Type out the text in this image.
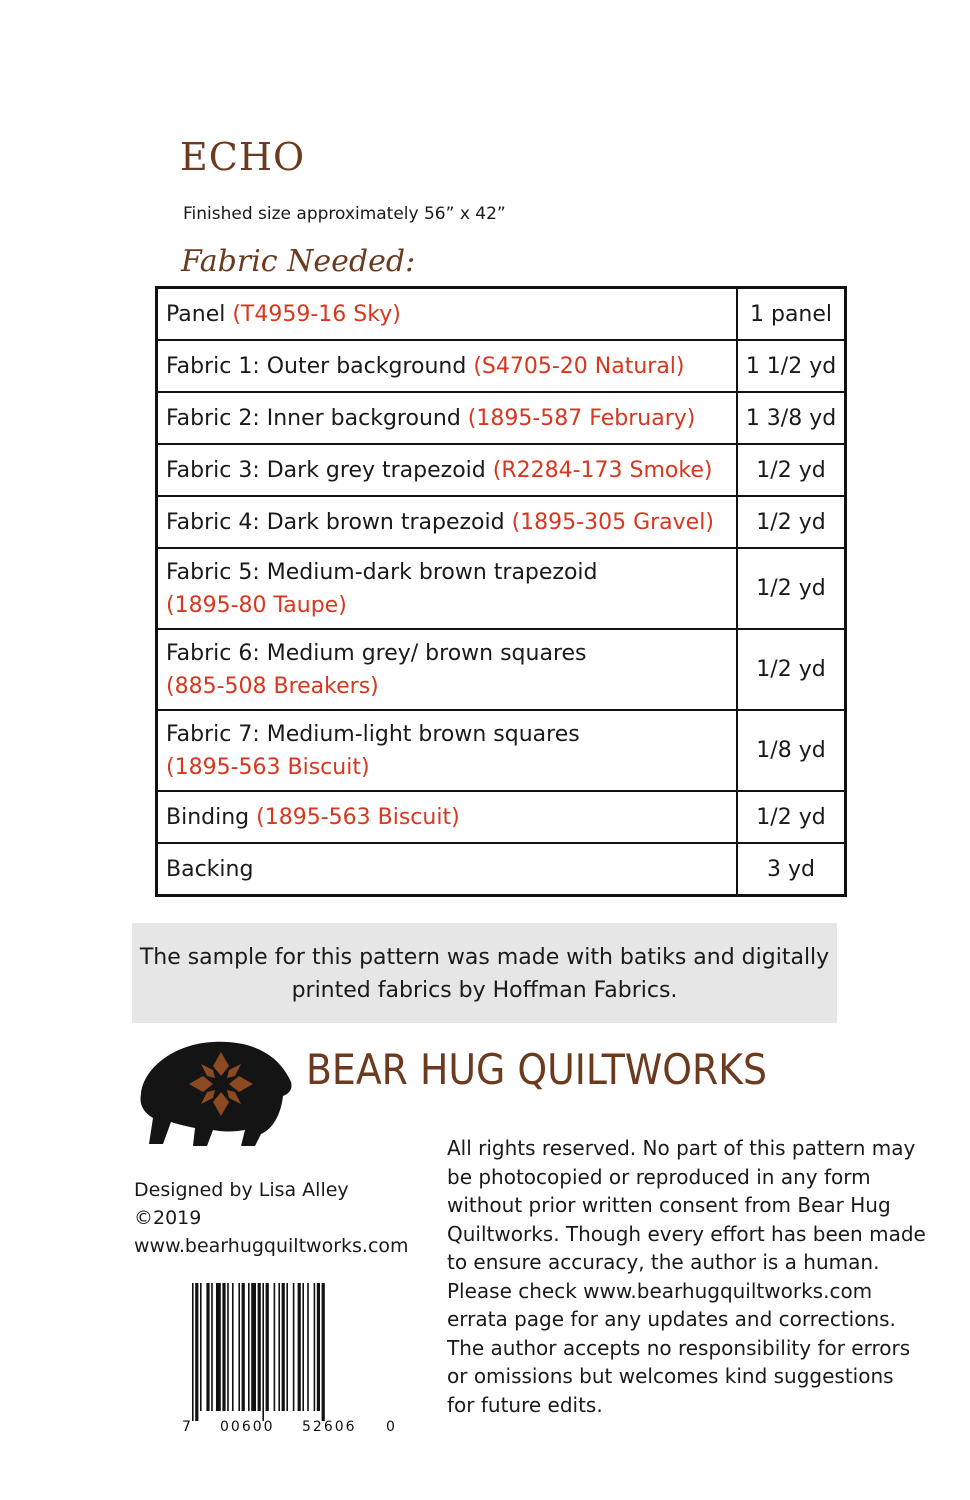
ECHO
Finished size approximately 56” x 42”
Fabric Needed:
Panel (T4959-16 Sky)	1 panel
Fabric 1: Outer background (S4705-20 Natural)	1 1/2 yd
Fabric 2: Inner background (1895-587 February)	1 3/8 yd
Fabric 3: Dark grey trapezoid (R2284-173 Smoke)	1/2 yd
Fabric 4: Dark brown trapezoid (1895-305 Gravel)	1/2 yd
Fabric 5: Medium-dark brown trapezoid
(1895-80 Taupe)	1/2 yd
Fabric 6: Medium grey/ brown squares
(885-508 Breakers)	1/2 yd
Fabric 7: Medium-light brown squares
(1895-563 Biscuit)	1/8 yd
Binding (1895-563 Biscuit)	1/2 yd
Backing	3 yd
The sample for this pattern was made with batiks and digitally
printed fabrics by Hoffman Fabrics.
BEAR HUG QUILTWORKS
Designed by Lisa Alley
©2019
www.bearhugquiltworks.com
All rights reserved. No part of this pattern may be photocopied or reproduced in any form without prior written consent from Bear Hug Quiltworks. Though every effort has been made to ensure accuracy, the author is a human. Please check www.bearhugquiltworks.com errata page for any updates and corrections. The author accepts no responsibility for errors or omissions but welcomes kind suggestions for future edits.
7 00600 52606 0
